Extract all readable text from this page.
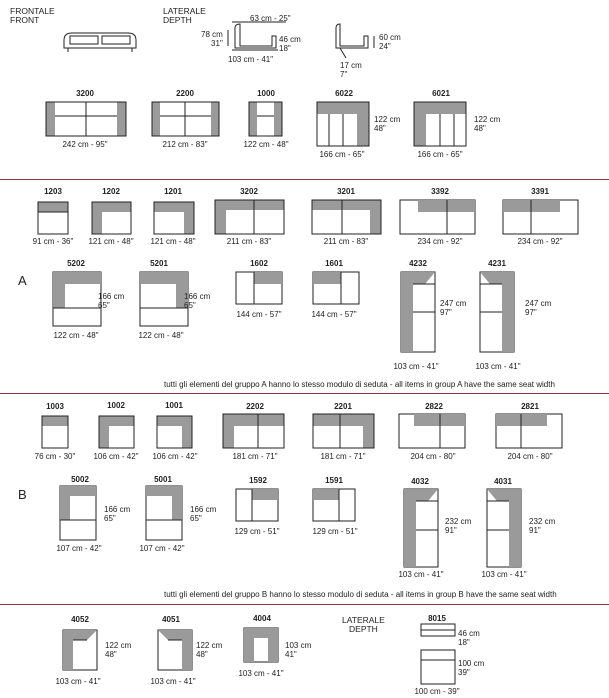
FRONTALE
FRONT
LATERALE
DEPTH
78 cm
31"
63 cm - 25"
46 cm
18"
103 cm - 41"
60 cm
24"
17 cm
7"
3200
242 cm - 95"
2200
212 cm - 83"
1000
122 cm - 48"
6022
166 cm - 65"
122 cm
48"
6021
166 cm - 65"
122 cm
48"
A
1203
91 cm - 36"
1202
121 cm - 48"
1201
121 cm - 48"
3202
211 cm - 83"
3201
211 cm - 83"
3392
234 cm - 92"
3391
234 cm - 92"
5202
122 cm - 48"
166 cm
65"
5201
122 cm - 48"
166 cm
65"
1602
144 cm - 57"
1601
144 cm - 57"
4232
103 cm - 41"
247 cm
97"
4231
103 cm - 41"
247 cm
97"
tutti gli elementi del gruppo A hanno lo stesso modulo di seduta - all items in group A have the same seat width
B
1003
76 cm - 30"
1002
106 cm - 42"
1001
106 cm - 42"
2202
181 cm - 71"
2201
181 cm - 71"
2822
204 cm - 80"
2821
204 cm - 80"
5002
107 cm - 42"
166 cm
65"
5001
107 cm - 42"
166 cm
65"
1592
129 cm - 51"
1591
129 cm - 51"
4032
103 cm - 41"
232 cm
91"
4031
103 cm - 41"
232 cm
91"
tutti gli elementi del gruppo B hanno lo stesso modulo di seduta - all items in group B have the same seat width
4052
103 cm - 41"
122 cm
48"
4051
103 cm - 41"
122 cm
48"
4004
103 cm - 41"
103 cm
41"
LATERALE
DEPTH
8015
46 cm
18"
100 cm
39"
100 cm - 39"
